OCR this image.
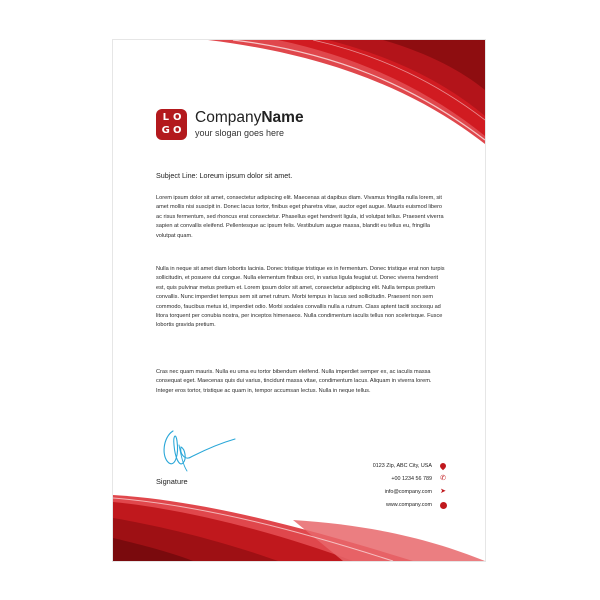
L O
G O
CompanyName
your slogan goes here
Subject Line: Loreum ipsum dolor sit amet.

Lorem ipsum dolor sit amet, consectetur adipiscing elit. Maecenas at dapibus diam. Vivamus fringilla nulla lorem, sit amet mollis nisi suscipit in. Donec lacus tortor, finibus eget pharetra vitae, auctor eget augue. Mauris euismod libero ac risus fermentum, sed rhoncus erat consectetur. Phasellus eget hendrerit ligula, id volutpat tellus. Praesent viverra sapien at convallis eleifend. Pellentesque ac ipsum felis. Vestibulum augue massa, blandit eu tellus eu, fringilla volutpat quam.

Nulla in neque sit amet diam lobortis lacinia. Donec tristique tristique ex in fermentum. Donec tristique erat non turpis sollicitudin, et posuere dui congue. Nulla elementum finibus orci, in varius ligula feugiat ut. Donec viverra hendrerit est, quis pulvinar metus pretium et. Lorem ipsum dolor sit amet, consectetur adipiscing elit. Nulla tempus pretium convallis. Nunc imperdiet tempus sem sit amet rutrum. Morbi tempus in lacus sed sollicitudin. Praesent non sem commodo, faucibus metus id, imperdiet odio. Morbi sodales convallis nulla a rutrum. Class aptent taciti sociosqu ad litora torquent per conubia nostra, per inceptos himenaeos. Nulla condimentum iaculis tellus non scelerisque. Fusce lobortis gravida pretium.

Cras nec quam mauris. Nulla eu urna eu tortor bibendum eleifend. Nulla imperdiet semper ex, ac iaculis massa consequat eget. Maecenas quis dui varius, tincidunt massa vitae, condimentum lacus. Aliquam in viverra lorem. Integer eros tortor, tristique ac quam in, tempor accumsan lectus. Nulla in neque tellus.

Signature
0123 Zip, ABC City, USA
+00 1234 56 789 ✆
info@company.com ➤
www.company.com
